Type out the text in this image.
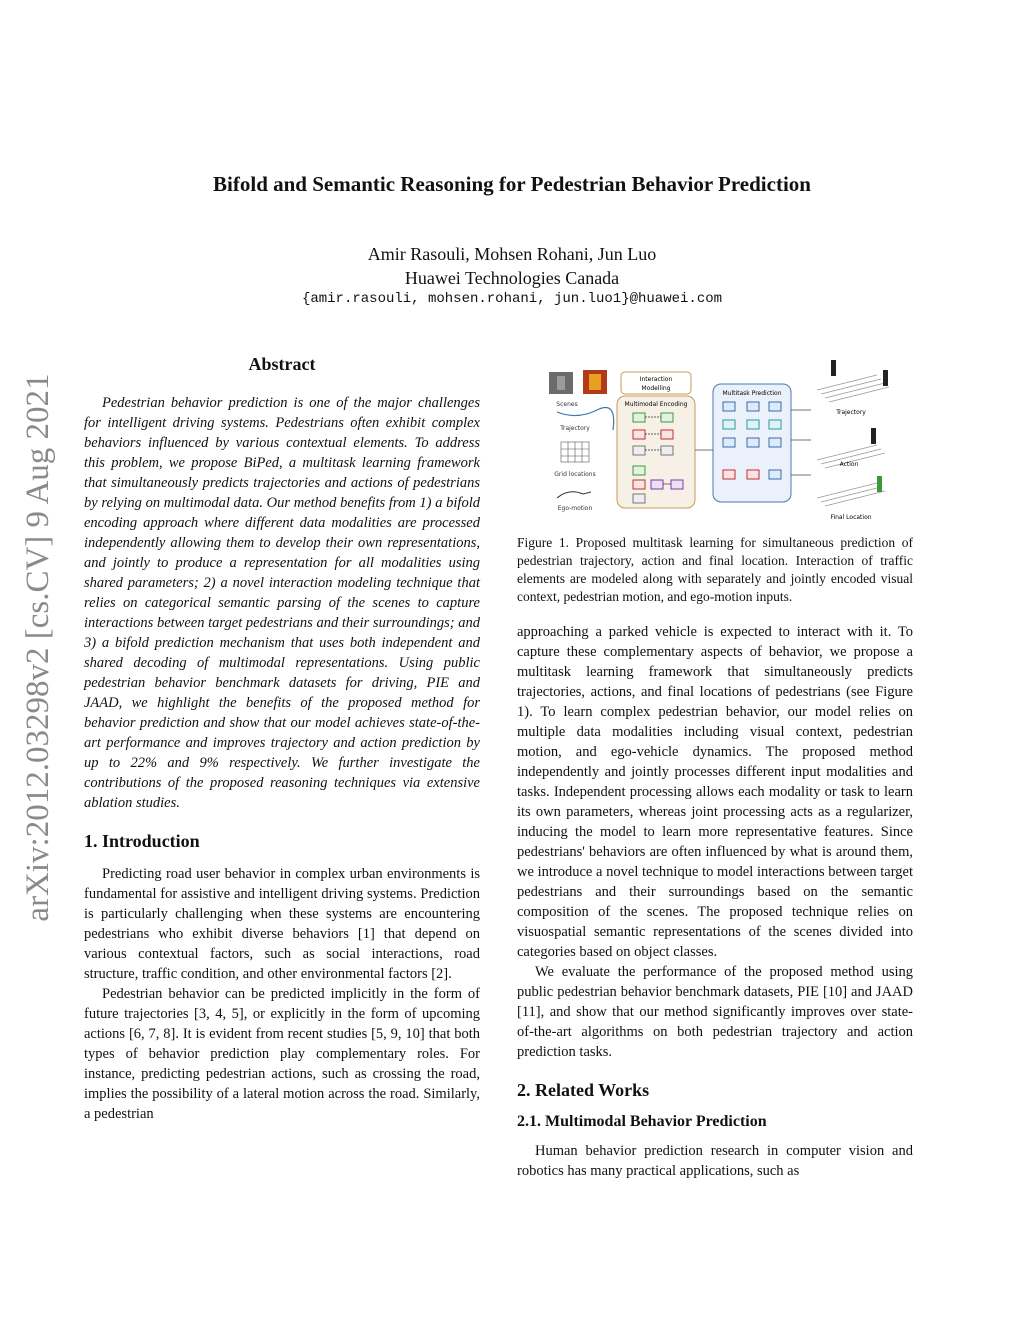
arXiv:2012.03298v2 [cs.CV] 9 Aug 2021
Bifold and Semantic Reasoning for Pedestrian Behavior Prediction
Amir Rasouli, Mohsen Rohani, Jun Luo
Huawei Technologies Canada
{amir.rasouli, mohsen.rohani, jun.luo1}@huawei.com
Abstract

Pedestrian behavior prediction is one of the major challenges for intelligent driving systems. Pedestrians often exhibit complex behaviors influenced by various contextual elements. To address this problem, we propose BiPed, a multitask learning framework that simultaneously predicts trajectories and actions of pedestrians by relying on multimodal data. Our method benefits from 1) a bifold encoding approach where different data modalities are processed independently allowing them to develop their own representations, and jointly to produce a representation for all modalities using shared parameters; 2) a novel interaction modeling technique that relies on categorical semantic parsing of the scenes to capture interactions between target pedestrians and their surroundings; and 3) a bifold prediction mechanism that uses both independent and shared decoding of multimodal representations. Using public pedestrian behavior benchmark datasets for driving, PIE and JAAD, we highlight the benefits of the proposed method for behavior prediction and show that our model achieves state-of-the-art performance and improves trajectory and action prediction by up to 22% and 9% respectively. We further investigate the contributions of the proposed reasoning techniques via extensive ablation studies.

1. Introduction

Predicting road user behavior in complex urban environments is fundamental for assistive and intelligent driving systems. Prediction is particularly challenging when these systems are encountering pedestrians who exhibit diverse behaviors [1] that depend on various contextual factors, such as social interactions, road structure, traffic condition, and other environmental factors [2].

Pedestrian behavior can be predicted implicitly in the form of future trajectories [3, 4, 5], or explicitly in the form of upcoming actions [6, 7, 8]. It is evident from recent studies [5, 9, 10] that both types of behavior prediction play complementary roles. For instance, predicting pedestrian actions, such as crossing the road, implies the possibility of a lateral motion across the road. Similarly, a pedestrian

Scenes
Trajectory
Grid locations
Ego-motion
Interaction
Modelling
Multimodal Encoding
Multitask Prediction
Trajectory
Action
Final Location
Figure 1. Proposed multitask learning for simultaneous prediction of pedestrian trajectory, action and final location. Interaction of traffic elements are modeled along with separately and jointly encoded visual context, pedestrian motion, and ego-motion inputs.

approaching a parked vehicle is expected to interact with it. To capture these complementary aspects of behavior, we propose a multitask learning framework that simultaneously predicts trajectories, actions, and final locations of pedestrians (see Figure 1). To learn complex pedestrian behavior, our model relies on multiple data modalities including visual context, pedestrian motion, and ego-vehicle dynamics. The proposed method independently and jointly processes different input modalities and tasks. Independent processing allows each modality or task to learn its own parameters, whereas joint processing acts as a regularizer, inducing the model to learn more representative features. Since pedestrians' behaviors are often influenced by what is around them, we introduce a novel technique to model interactions between target pedestrians and their surroundings based on the semantic composition of the scenes. The proposed technique relies on visuospatial semantic representations of the scenes divided into categories based on object classes.

We evaluate the performance of the proposed method using public pedestrian behavior benchmark datasets, PIE [10] and JAAD [11], and show that our method significantly improves over state-of-the-art algorithms on both pedestrian trajectory and action prediction tasks.

2. Related Works
2.1. Multimodal Behavior Prediction

Human behavior prediction research in computer vision and robotics has many practical applications, such as
